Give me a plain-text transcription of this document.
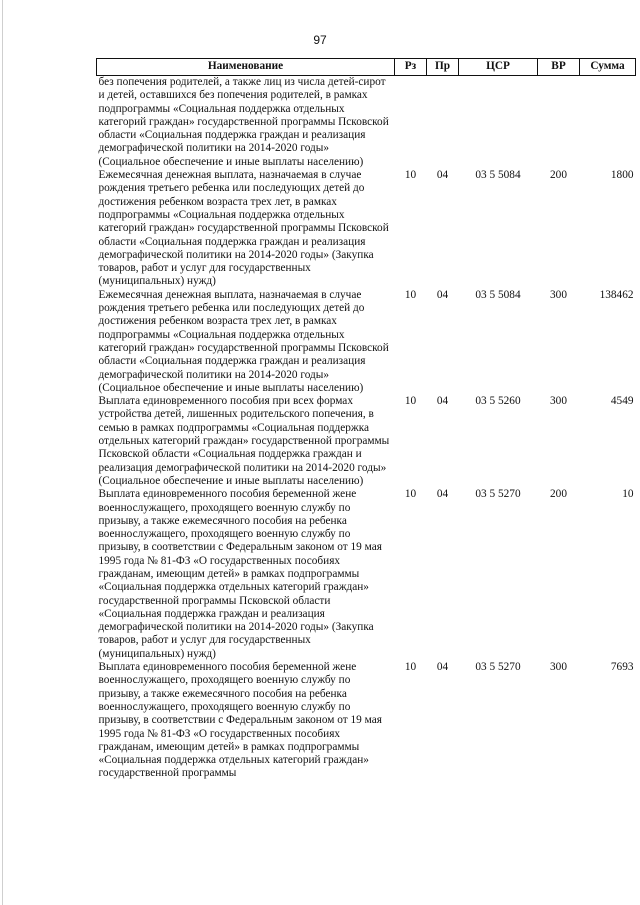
97
Наименование	Рз	Пр	ЦСР	ВР	Сумма
без попечения родителей, а также лиц из числа детей-сирот и детей, оставшихся без попечения родителей, в рамках подпрограммы «Социальная поддержка отдельных категорий граждан» государственной программы Псковской области «Социальная поддержка граждан и реализация демографической политики на 2014-2020 годы» (Социальное обеспечение и иные выплаты населению)					
Ежемесячная денежная выплата, назначаемая в случае рождения третьего ребенка или последующих детей до достижения ребенком возраста трех лет, в рамках подпрограммы «Социальная поддержка отдельных категорий граждан» государственной программы Псковской области «Социальная поддержка граждан и реализация демографической политики на 2014-2020 годы» (Закупка товаров, работ и услуг для государственных (муниципальных) нужд)	10	04	03 5 5084	200	1800
Ежемесячная денежная выплата, назначаемая в случае рождения третьего ребенка или последующих детей до достижения ребенком возраста трех лет, в рамках подпрограммы «Социальная поддержка отдельных категорий граждан» государственной программы Псковской области «Социальная поддержка граждан и реализация демографической политики на 2014-2020 годы» (Социальное обеспечение и иные выплаты населению)	10	04	03 5 5084	300	138462
Выплата единовременного пособия при всех формах устройства детей, лишенных родительского попечения, в семью в рамках подпрограммы «Социальная поддержка отдельных категорий граждан» государственной программы Псковской области «Социальная поддержка граждан и реализация демографической политики на 2014-2020 годы» (Социальное обеспечение и иные выплаты населению)	10	04	03 5 5260	300	4549
Выплата единовременного пособия беременной жене военнослужащего, проходящего военную службу по призыву, а также ежемесячного пособия на ребенка военнослужащего, проходящего военную службу по призыву, в соответствии с Федеральным законом от 19 мая 1995 года № 81-ФЗ «О государственных пособиях гражданам, имеющим детей» в рамках подпрограммы «Социальная поддержка отдельных категорий граждан» государственной программы Псковской области «Социальная поддержка граждан и реализация демографической политики на 2014-2020 годы» (Закупка товаров, работ и услуг для государственных (муниципальных) нужд)	10	04	03 5 5270	200	10
Выплата единовременного пособия беременной жене военнослужащего, проходящего военную службу по призыву, а также ежемесячного пособия на ребенка военнослужащего, проходящего военную службу по призыву, в соответствии с Федеральным законом от 19 мая 1995 года № 81-ФЗ «О государственных пособиях гражданам, имеющим детей» в рамках подпрограммы «Социальная поддержка отдельных категорий граждан» государственной программы	10	04	03 5 5270	300	7693
